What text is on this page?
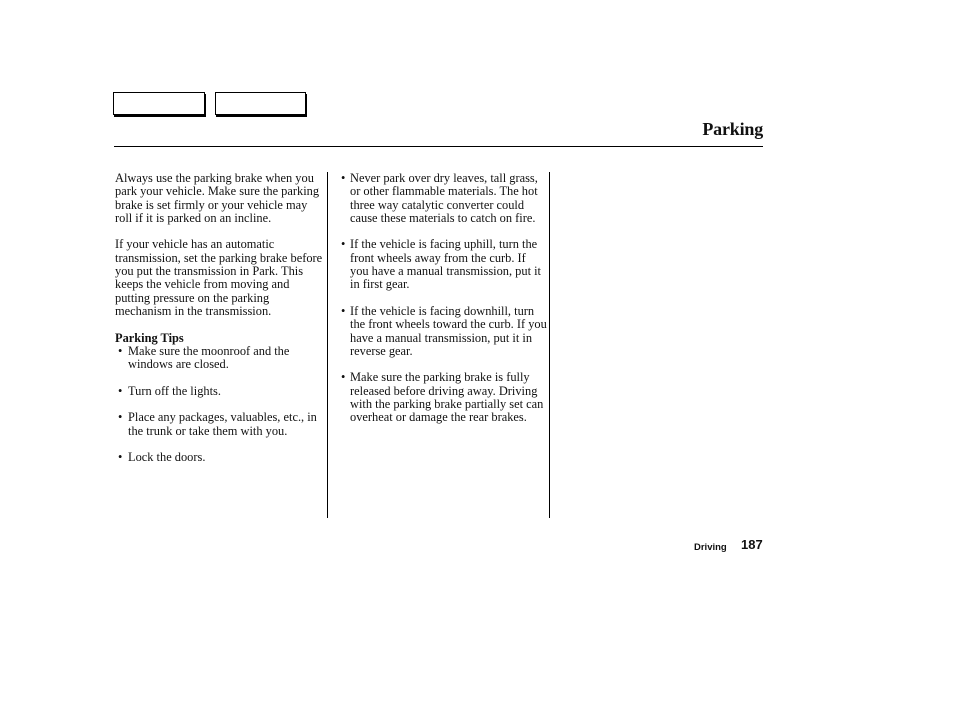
Parking

Always use the parking brake when you park your vehicle. Make sure the parking brake is set firmly or your vehicle may roll if it is parked on an incline.

If your vehicle has an automatic transmission, set the parking brake before you put the transmission in Park. This keeps the vehicle from moving and putting pressure on the parking mechanism in the transmission.

Parking Tips
• Make sure the moonroof and the windows are closed.
• Turn off the lights.
• Place any packages, valuables, etc., in the trunk or take them with you.
• Lock the doors.
• Never park over dry leaves, tall grass, or other flammable materials. The hot three way catalytic converter could cause these materials to catch on fire.
• If the vehicle is facing uphill, turn the front wheels away from the curb. If you have a manual transmission, put it in first gear.
• If the vehicle is facing downhill, turn the front wheels toward the curb. If you have a manual transmission, put it in reverse gear.
• Make sure the parking brake is fully released before driving away. Driving with the parking brake partially set can overheat or damage the rear brakes.
Driving 187
